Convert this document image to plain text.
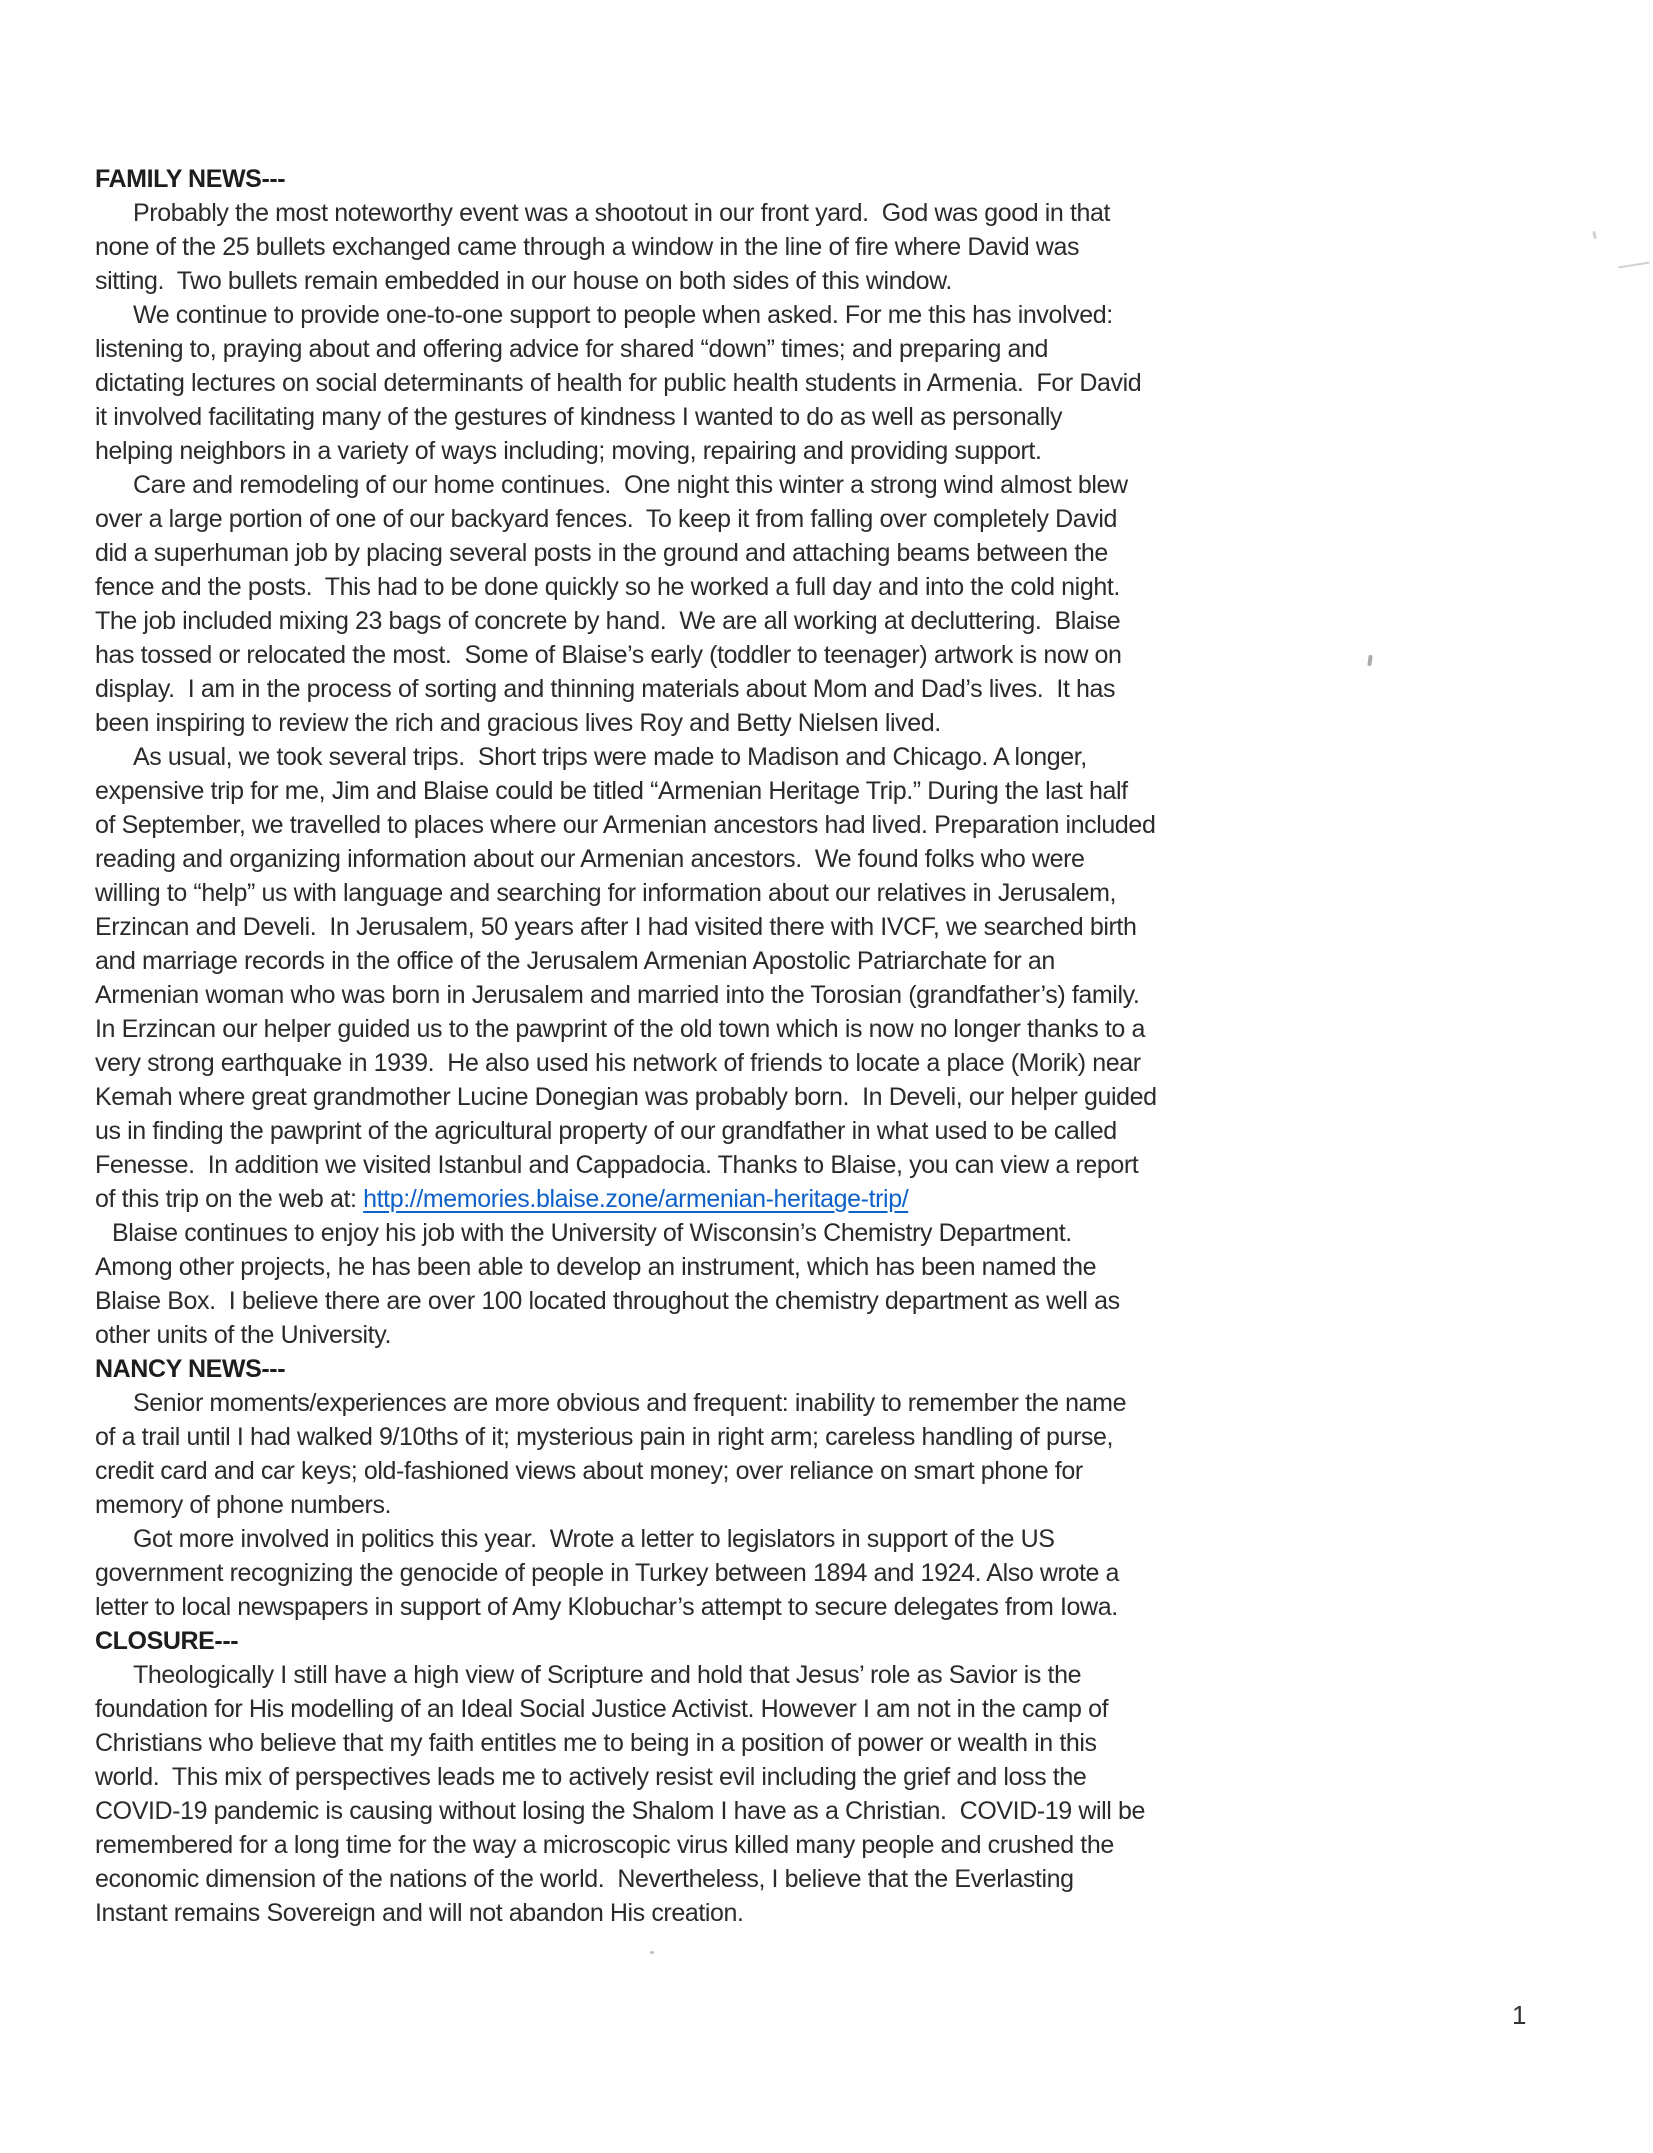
FAMILY NEWS---
Probably the most noteworthy event was a shootout in our front yard.  God was good in that
none of the 25 bullets exchanged came through a window in the line of fire where David was
sitting.  Two bullets remain embedded in our house on both sides of this window.
We continue to provide one-to-one support to people when asked. For me this has involved:
listening to, praying about and offering advice for shared “down” times; and preparing and
dictating lectures on social determinants of health for public health students in Armenia.  For David
it involved facilitating many of the gestures of kindness I wanted to do as well as personally
helping neighbors in a variety of ways including; moving, repairing and providing support.
Care and remodeling of our home continues.  One night this winter a strong wind almost blew
over a large portion of one of our backyard fences.  To keep it from falling over completely David
did a superhuman job by placing several posts in the ground and attaching beams between the
fence and the posts.  This had to be done quickly so he worked a full day and into the cold night.
The job included mixing 23 bags of concrete by hand.  We are all working at decluttering.  Blaise
has tossed or relocated the most.  Some of Blaise’s early (toddler to teenager) artwork is now on
display.  I am in the process of sorting and thinning materials about Mom and Dad’s lives.  It has
been inspiring to review the rich and gracious lives Roy and Betty Nielsen lived.
As usual, we took several trips.  Short trips were made to Madison and Chicago. A longer,
expensive trip for me, Jim and Blaise could be titled “Armenian Heritage Trip.” During the last half
of September, we travelled to places where our Armenian ancestors had lived. Preparation included
reading and organizing information about our Armenian ancestors.  We found folks who were
willing to “help” us with language and searching for information about our relatives in Jerusalem,
Erzincan and Develi.  In Jerusalem, 50 years after I had visited there with IVCF, we searched birth
and marriage records in the office of the Jerusalem Armenian Apostolic Patriarchate for an
Armenian woman who was born in Jerusalem and married into the Torosian (grandfather’s) family.
In Erzincan our helper guided us to the pawprint of the old town which is now no longer thanks to a
very strong earthquake in 1939.  He also used his network of friends to locate a place (Morik) near
Kemah where great grandmother Lucine Donegian was probably born.  In Develi, our helper guided
us in finding the pawprint of the agricultural property of our grandfather in what used to be called
Fenesse.  In addition we visited Istanbul and Cappadocia. Thanks to Blaise, you can view a report
of this trip on the web at: http://memories.blaise.zone/armenian-heritage-trip/
Blaise continues to enjoy his job with the University of Wisconsin’s Chemistry Department.
Among other projects, he has been able to develop an instrument, which has been named the
Blaise Box.  I believe there are over 100 located throughout the chemistry department as well as
other units of the University.
NANCY NEWS---
Senior moments/experiences are more obvious and frequent: inability to remember the name
of a trail until I had walked 9/10ths of it; mysterious pain in right arm; careless handling of purse,
credit card and car keys; old-fashioned views about money; over reliance on smart phone for
memory of phone numbers.
Got more involved in politics this year.  Wrote a letter to legislators in support of the US
government recognizing the genocide of people in Turkey between 1894 and 1924. Also wrote a
letter to local newspapers in support of Amy Klobuchar’s attempt to secure delegates from Iowa.
CLOSURE---
Theologically I still have a high view of Scripture and hold that Jesus’ role as Savior is the
foundation for His modelling of an Ideal Social Justice Activist. However I am not in the camp of
Christians who believe that my faith entitles me to being in a position of power or wealth in this
world.  This mix of perspectives leads me to actively resist evil including the grief and loss the
COVID-19 pandemic is causing without losing the Shalom I have as a Christian.  COVID-19 will be
remembered for a long time for the way a microscopic virus killed many people and crushed the
economic dimension of the nations of the world.  Nevertheless, I believe that the Everlasting
Instant remains Sovereign and will not abandon His creation.
1
